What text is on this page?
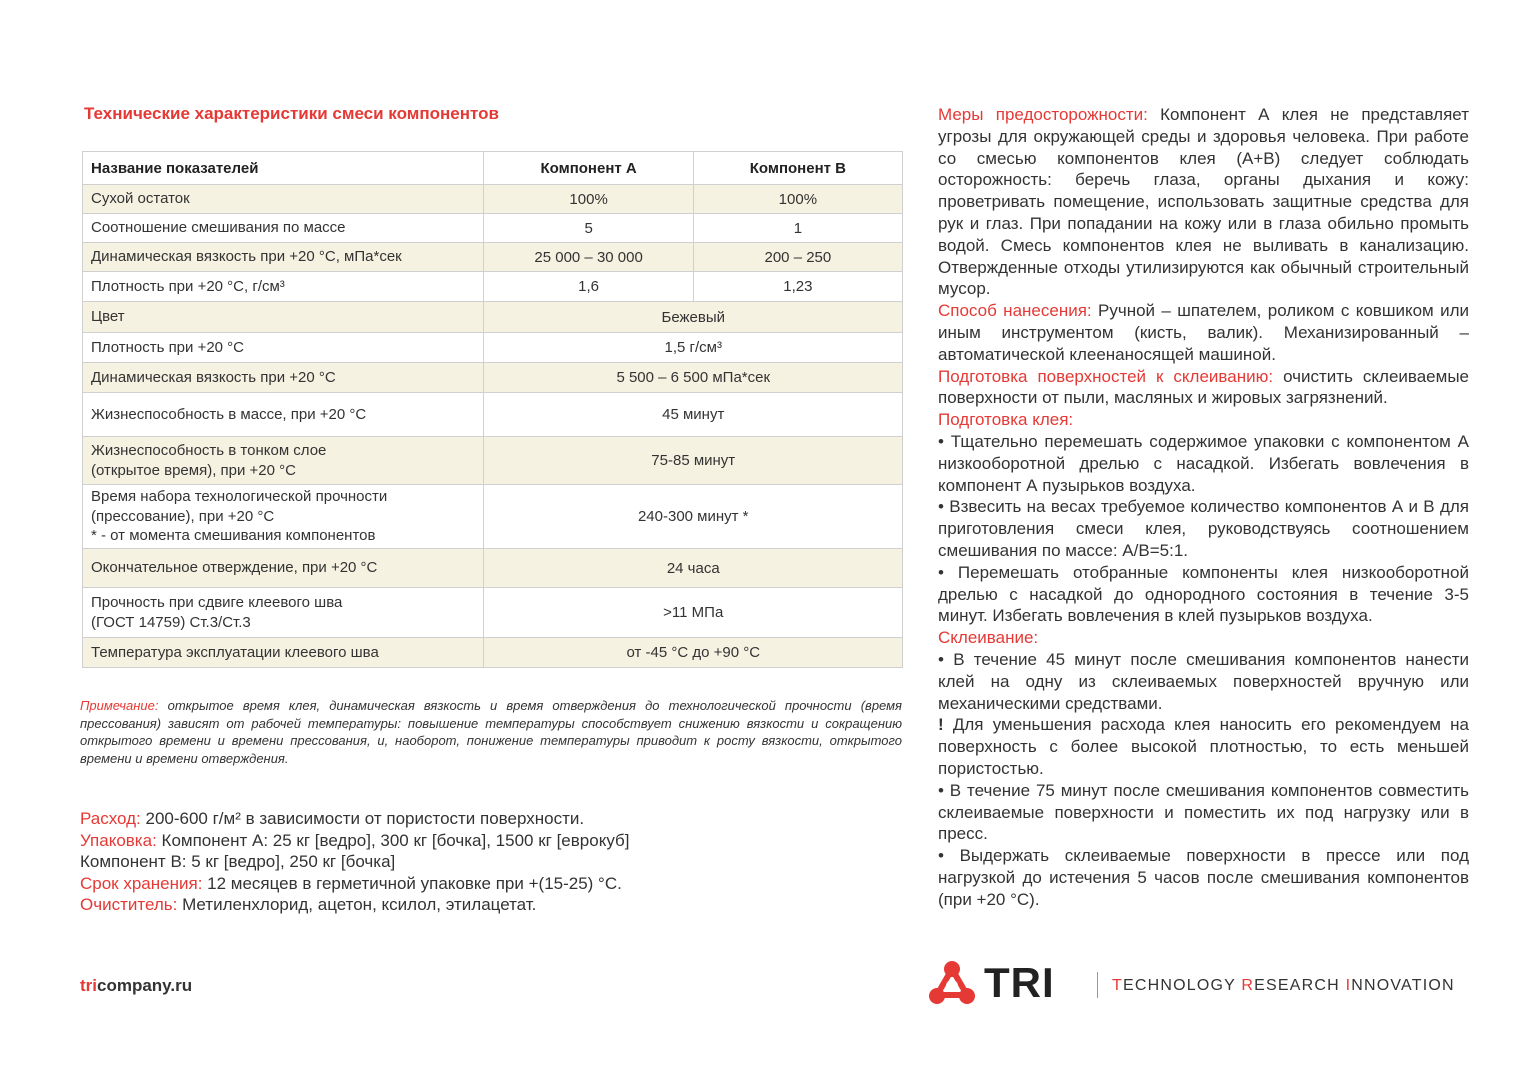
Технические характеристики смеси компонентов
Название показателей	Компонент А	Компонент B
Сухой остаток	100%	100%
Соотношение смешивания по массе	5	1
Динамическая вязкость при +20 °С, мПа*сек	25 000 – 30 000	200 – 250
Плотность при +20 °С, г/см³	1,6	1,23
Цвет	Бежевый	
Плотность при +20 °С	1,5 г/см³	
Динамическая вязкость при +20 °С	5 500 – 6 500 мПа*сек	
Жизнеспособность в массе, при +20 °С	45 минут	
Жизнеспособность в тонком слое
(открытое время), при +20 °С	75-85 минут	
Время набора технологической прочности
(прессование), при +20 °С
* - от момента смешивания компонентов	240-300 минут *	
Окончательное отверждение, при +20 °С	24 часа	
Прочность при сдвиге клеевого шва
(ГОСТ 14759) Ст.3/Ст.3	>11 МПа	
Температура эксплуатации клеевого шва	от -45 °С до +90 °С	
Примечание: открытое время клея, динамическая вязкость и время отверждения до технологической прочности (время прессования) зависят от рабочей температуры: повышение температуры способствует снижению вязкости и сокращению открытого времени и времени прессования, и, наоборот, понижение температуры приводит к росту вязкости, открытого времени и времени отверждения.
Расход: 200-600 г/м² в зависимости от пористости поверхности.
Упаковка: Компонент А: 25 кг [ведро], 300 кг [бочка], 1500 кг [еврокуб]
Компонент В: 5 кг [ведро], 250 кг [бочка]
Срок хранения: 12 месяцев в герметичной упаковке при +(15-25) °С.
Очиститель: Метиленхлорид, ацетон, ксилол, этилацетат.

Меры предосторожности: Компонент А клея не представляет угрозы для окружающей среды и здоровья человека. При работе со смесью компонентов клея (А+В) следует соблюдать осторожность: беречь глаза, органы дыхания и кожу: проветривать помещение, использовать защитные средства для рук и глаз. При попадании на кожу или в глаза обильно промыть водой. Смесь компонентов клея не выливать в канализацию. Отвержденные отходы утилизируются как обычный строительный мусор.

Способ нанесения: Ручной – шпателем, роликом с ковшиком или иным инструментом (кисть, валик). Механизированный – автоматической клеенаносящей машиной.

Подготовка поверхностей к склеиванию: очистить склеиваемые поверхности от пыли, масляных и жировых загрязнений.

Подготовка клея:

• Тщательно перемешать содержимое упаковки с компонентом А низкооборотной дрелью с насадкой. Избегать вовлечения в компонент А пузырьков воздуха.

• Взвесить на весах требуемое количество компонентов А и В для приготовления смеси клея, руководствуясь соотношением смешивания по массе: А/В=5:1.

• Перемешать отобранные компоненты клея низкооборотной дрелью с насадкой до однородного состояния в течение 3-5 минут. Избегать вовлечения в клей пузырьков воздуха.

Склеивание:

• В течение 45 минут после смешивания компонентов нанести клей на одну из склеиваемых поверхностей вручную или механическими средствами.

! Для уменьшения расхода клея наносить его рекомендуем на поверхность с более высокой плотностью, то есть меньшей пористостью.

• В течение 75 минут после смешивания компонентов совместить склеиваемые поверхности и поместить их под нагрузку или в пресс.

• Выдержать склеиваемые поверхности в прессе или под нагрузкой до истечения 5 часов после смешивания компонентов (при +20 °С).

tricompany.ru	TRI	TECHNOLOGY RESEARCH INNOVATION
